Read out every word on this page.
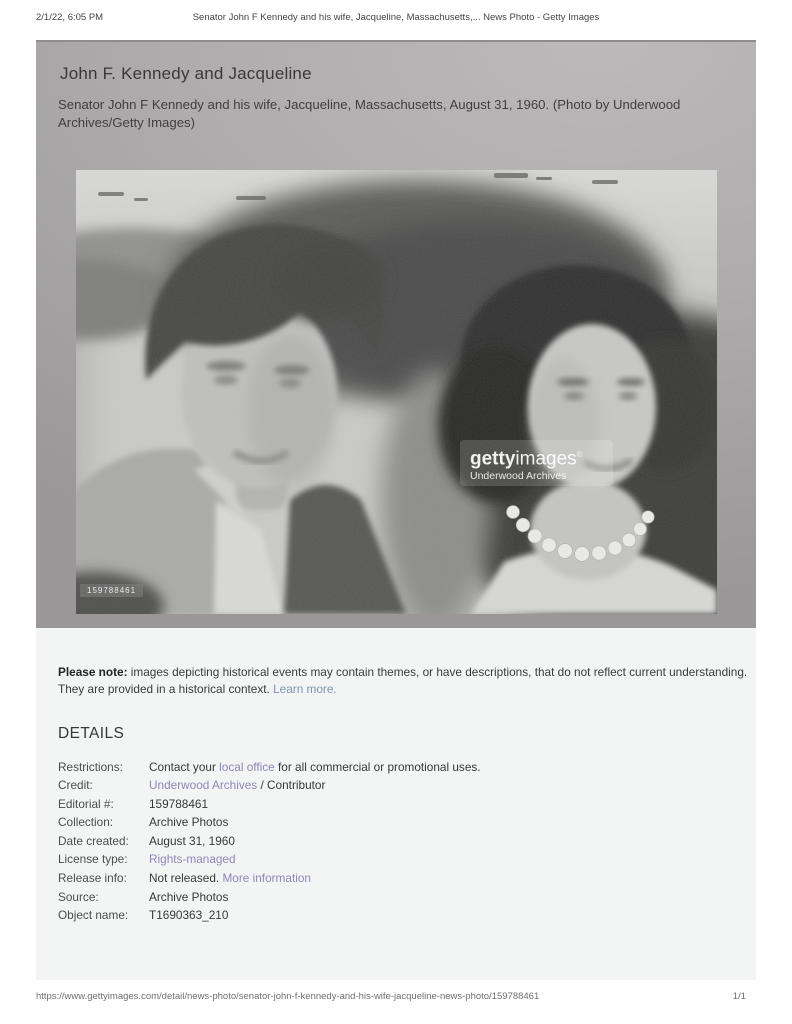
2/1/22, 6:05 PM	Senator John F Kennedy and his wife, Jacqueline, Massachusetts,... News Photo - Getty Images
John F. Kennedy and Jacqueline

Senator John F Kennedy and his wife, Jacqueline, Massachusetts, August 31, 1960. (Photo by Underwood Archives/Getty Images)

gettyimages®
Underwood Archives
159788461

Please note: images depicting historical events may contain themes, or have descriptions, that do not reflect current understanding. They are provided in a historical context. Learn more.

DETAILS
Restrictions:	Contact your local office for all commercial or promotional uses.
Credit:	Underwood Archives / Contributor
Editorial #:	159788461
Collection:	Archive Photos
Date created:	August 31, 1960
License type:	Rights-managed
Release info:	Not released. More information
Source:	Archive Photos
Object name:	T1690363_210
https://www.gettyimages.com/detail/news-photo/senator-john-f-kennedy-and-his-wife-jacqueline-news-photo/159788461	1/1
